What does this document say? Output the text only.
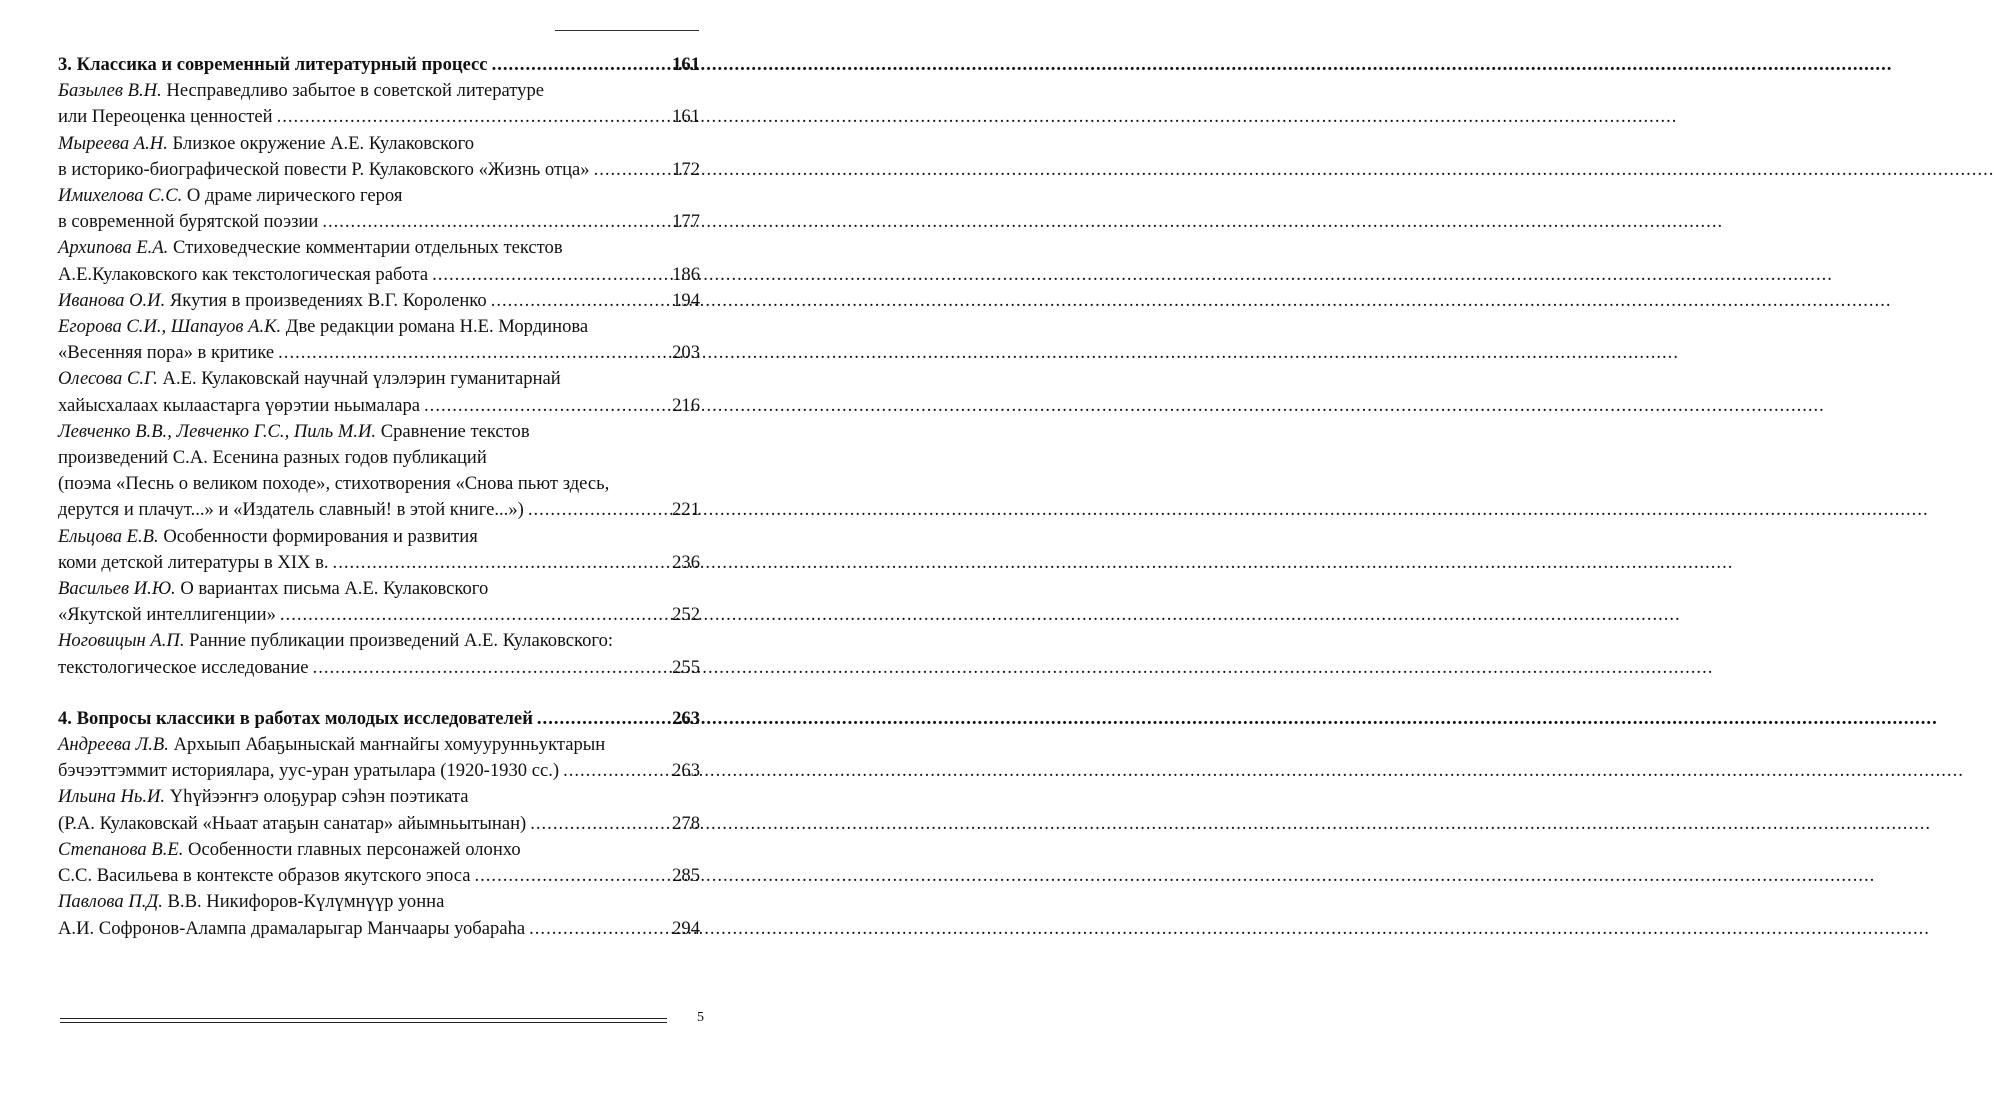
3. Классика и современный литературный процесс .....	161
Базылев В.Н. Несправедливо забытое в советской литературе
или Переоценка ценностей .....	161
Мыреева А.Н. Близкое окружение А.Е. Кулаковского
в историко-биографической повести Р. Кулаковского «Жизнь отца» .....	172
Имихелова С.С. О драме лирического героя
в современной бурятской поэзии .....	177
Архипова Е.А. Стиховедческие комментарии отдельных текстов
А.Е.Кулаковского как текстологическая работа .....	186
Иванова О.И. Якутия в произведениях В.Г. Короленко .....	194
Егорова С.И., Шапауов А.К. Две редакции романа Н.Е. Мординова
«Весенняя пора» в критике .....	203
Олесова С.Г. А.Е. Кулаковскай научнай үлэлэрин гуманитарнай
хайысхалаах кылаастарга үөрэтии ньымалара .....	216
Левченко В.В., Левченко Г.С., Пиль М.И. Сравнение текстов
произведений С.А. Есенина разных годов публикаций
(поэма «Песнь о великом походе», стихотворения «Снова пьют здесь,
дерутся и плачут...» и «Издатель славный! в этой книге...») .....	221
Ельцова Е.В. Особенности формирования и развития
коми детской литературы в XIX в. .....	236
Васильев И.Ю. О вариантах письма А.Е. Кулаковского
«Якутской интеллигенции» .....	252
Ноговицын А.П. Ранние публикации произведений А.Е. Кулаковского:
текстологическое исследование .....	255
4. Вопросы классики в работах молодых исследователей .....	263
Андреева Л.В. Архыып Абаҕыныскай маҥнайгы хомуурунньуктарын
бэчээттэммит историялара, уус-уран уратылара (1920-1930 сс.) .....	263
Ильина Нь.И. Үһүйээҥҥэ олоҕурар сэһэн поэтиката
(Р.А. Кулаковскай «Ньаат атаҕын санатар» айымньытынан) .....	278
Степанова В.Е. Особенности главных персонажей олонхо
С.С. Васильева в контексте образов якутского эпоса .....	285
Павлова П.Д. В.В. Никифоров-Күлүмнүүр уонна
А.И. Софронов-Алампа драмаларыгар Манчаары уобараһа .....	294
5
